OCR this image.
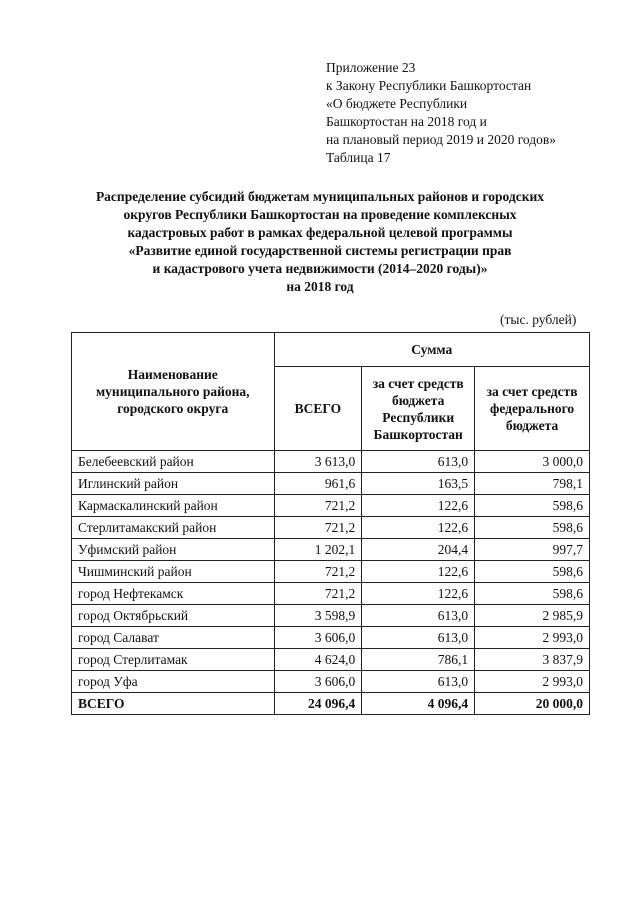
Приложение 23
к Закону Республики Башкортостан
«О бюджете Республики
Башкортостан на 2018 год и
на плановый период 2019 и 2020 годов»
Таблица 17
Распределение субсидий бюджетам муниципальных районов и городских
округов Республики Башкортостан на проведение комплексных
кадастровых работ в рамках федеральной целевой программы
«Развитие единой государственной системы регистрации прав
и кадастрового учета недвижимости (2014–2020 годы)»
на 2018 год
(тыс. рублей)
Наименование муниципального района, городского округа	Сумма		
	ВСЕГО	за счет средств бюджета Республики Башкортостан	за счет средств федерального бюджета
Белебеевский район	3 613,0	613,0	3 000,0
Иглинский район	961,6	163,5	798,1
Кармаскалинский район	721,2	122,6	598,6
Стерлитамакский район	721,2	122,6	598,6
Уфимский район	1 202,1	204,4	997,7
Чишминский район	721,2	122,6	598,6
город Нефтекамск	721,2	122,6	598,6
город Октябрьский	3 598,9	613,0	2 985,9
город Салават	3 606,0	613,0	2 993,0
город Стерлитамак	4 624,0	786,1	3 837,9
город Уфа	3 606,0	613,0	2 993,0
ВСЕГО	24 096,4	4 096,4	20 000,0
